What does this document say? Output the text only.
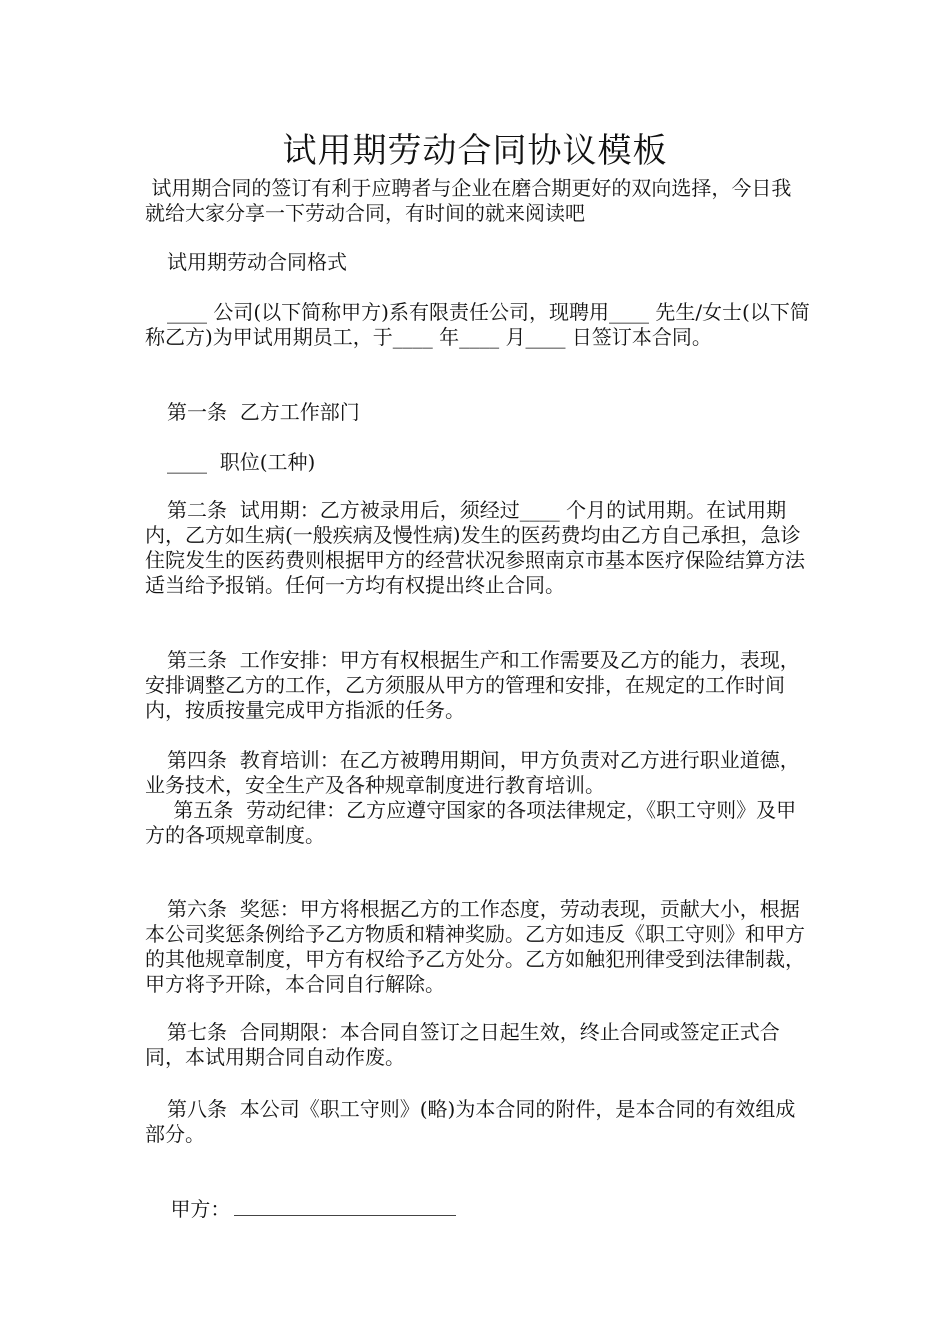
试用期劳动合同协议模板

试用期合同的签订有利于应聘者与企业在磨合期更好的双向选择，今日我就给大家分享一下劳动合同，有时间的就来阅读吧

试用期劳动合同格式

____ 公司(以下简称甲方)系有限责任公司，现聘用____ 先生/女士(以下简称乙方)为甲试用期员工，于____ 年____ 月____ 日签订本合同。

第一条  乙方工作部门

____  职位(工种)

第二条  试用期：乙方被录用后，须经过____ 个月的试用期。在试用期内，乙方如生病(一般疾病及慢性病)发生的医药费均由乙方自己承担，急诊住院发生的医药费则根据甲方的经营状况参照南京市基本医疗保险结算方法适当给予报销。任何一方均有权提出终止合同。

第三条  工作安排：甲方有权根据生产和工作需要及乙方的能力，表现，安排调整乙方的工作，乙方须服从甲方的管理和安排，在规定的工作时间内，按质按量完成甲方指派的任务。

第四条  教育培训：在乙方被聘用期间，甲方负责对乙方进行职业道德，业务技术，安全生产及各种规章制度进行教育培训。

第五条  劳动纪律：乙方应遵守国家的各项法律规定，《职工守则》及甲方的各项规章制度。

第六条  奖惩：甲方将根据乙方的工作态度，劳动表现，贡献大小，根据本公司奖惩条例给予乙方物质和精神奖励。乙方如违反《职工守则》和甲方的其他规章制度，甲方有权给予乙方处分。乙方如触犯刑律受到法律制裁，甲方将予开除，本合同自行解除。

第七条  合同期限：本合同自签订之日起生效，终止合同或签定正式合同，本试用期合同自动作废。

第八条  本公司《职工守则》(略)为本合同的附件，是本合同的有效组成部分。

甲方：
